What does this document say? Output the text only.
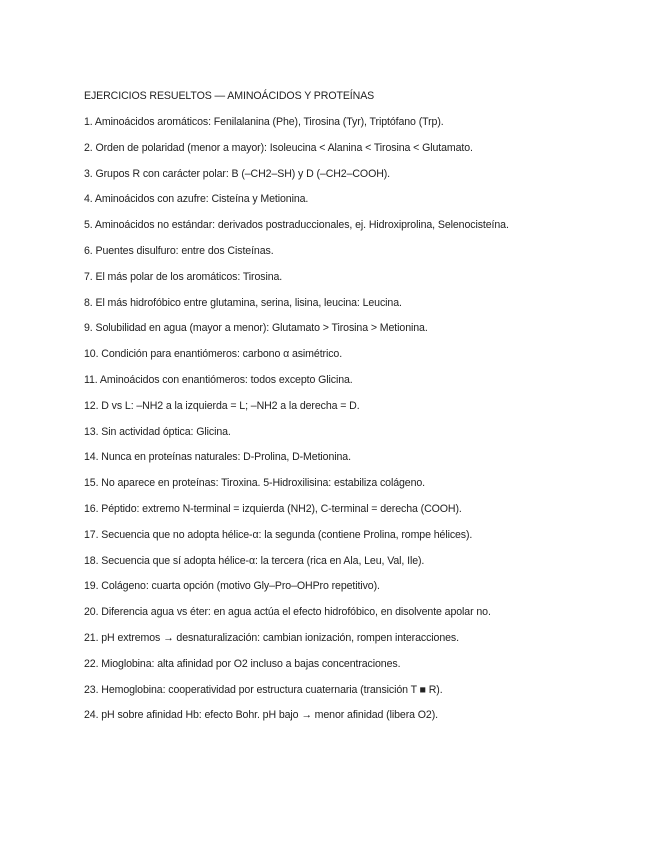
EJERCICIOS RESUELTOS — AMINOÁCIDOS Y PROTEÍNAS
1. Aminoácidos aromáticos: Fenilalanina (Phe), Tirosina (Tyr), Triptófano (Trp).
2. Orden de polaridad (menor a mayor): Isoleucina < Alanina < Tirosina < Glutamato.
3. Grupos R con carácter polar: B (–CH2–SH) y D (–CH2–COOH).
4. Aminoácidos con azufre: Cisteína y Metionina.
5. Aminoácidos no estándar: derivados postraduccionales, ej. Hidroxiprolina, Selenocisteína.
6. Puentes disulfuro: entre dos Cisteínas.
7. El más polar de los aromáticos: Tirosina.
8. El más hidrofóbico entre glutamina, serina, lisina, leucina: Leucina.
9. Solubilidad en agua (mayor a menor): Glutamato > Tirosina > Metionina.
10. Condición para enantiómeros: carbono α asimétrico.
11. Aminoácidos con enantiómeros: todos excepto Glicina.
12. D vs L: –NH2 a la izquierda = L; –NH2 a la derecha = D.
13. Sin actividad óptica: Glicina.
14. Nunca en proteínas naturales: D-Prolina, D-Metionina.
15. No aparece en proteínas: Tiroxina. 5-Hidroxilisina: estabiliza colágeno.
16. Péptido: extremo N-terminal = izquierda (NH2), C-terminal = derecha (COOH).
17. Secuencia que no adopta hélice-α: la segunda (contiene Prolina, rompe hélices).
18. Secuencia que sí adopta hélice-α: la tercera (rica en Ala, Leu, Val, Ile).
19. Colágeno: cuarta opción (motivo Gly–Pro–OHPro repetitivo).
20. Diferencia agua vs éter: en agua actúa el efecto hidrofóbico, en disolvente apolar no.
21. pH extremos → desnaturalización: cambian ionización, rompen interacciones.
22. Mioglobina: alta afinidad por O2 incluso a bajas concentraciones.
23. Hemoglobina: cooperatividad por estructura cuaternaria (transición T ■ R).
24. pH sobre afinidad Hb: efecto Bohr. pH bajo → menor afinidad (libera O2).
